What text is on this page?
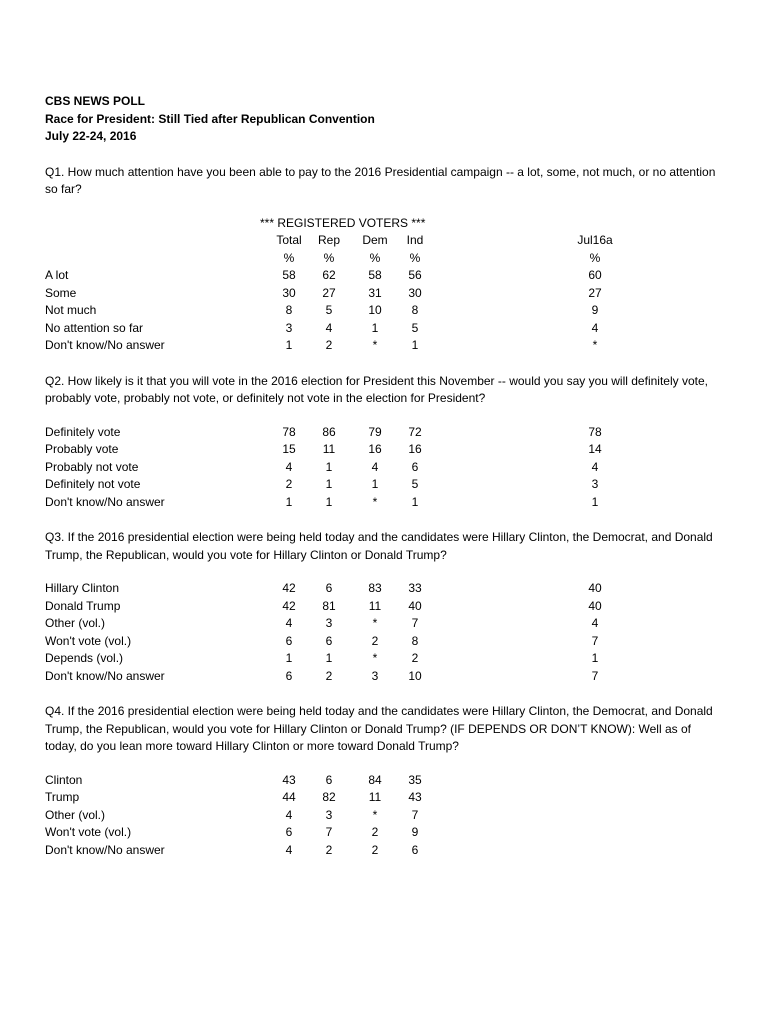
CBS NEWS POLL
Race for President: Still Tied after Republican Convention
July 22-24, 2016
Q1. How much attention have you been able to pay to the 2016 Presidential campaign -- a lot, some, not much, or no attention so far?
*** REGISTERED VOTERS ***
Total	Rep	Dem	Ind	Jul16a
%	%	%	%	%
A lot	58	62	58	56	60
Some	30	27	31	30	27
Not much	8	5	10	8	9
No attention so far	3	4	1	5	4
Don't know/No answer	1	2	*	1	*
Q2. How likely is it that you will vote in the 2016 election for President this November -- would you say you will definitely vote, probably vote, probably not vote, or definitely not vote in the election for President?
Definitely vote	78	86	79	72	78
Probably vote	15	11	16	16	14
Probably not vote	4	1	4	6	4
Definitely not vote	2	1	1	5	3
Don't know/No answer	1	1	*	1	1
Q3. If the 2016 presidential election were being held today and the candidates were Hillary Clinton, the Democrat, and Donald Trump, the Republican, would you vote for Hillary Clinton or Donald Trump?
Hillary Clinton	42	6	83	33	40
Donald Trump	42	81	11	40	40
Other (vol.)	4	3	*	7	4
Won't vote (vol.)	6	6	2	8	7
Depends (vol.)	1	1	*	2	1
Don't know/No answer	6	2	3	10	7
Q4. If the 2016 presidential election were being held today and the candidates were Hillary Clinton, the Democrat, and Donald Trump, the Republican, would you vote for Hillary Clinton or Donald Trump? (IF DEPENDS OR DON’T KNOW): Well as of today, do you lean more toward Hillary Clinton or more toward Donald Trump?
Clinton	43	6	84	35
Trump	44	82	11	43
Other (vol.)	4	3	*	7
Won't vote (vol.)	6	7	2	9
Don't know/No answer	4	2	2	6
